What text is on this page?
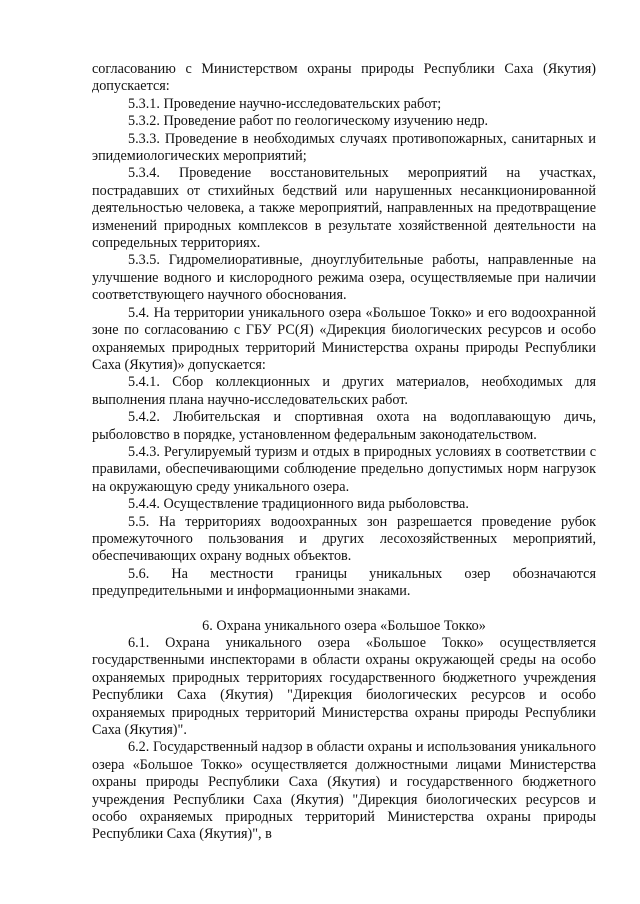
согласованию с Министерством охраны природы Республики Саха (Якутия) допускается:

5.3.1. Проведение научно-исследовательских работ;

5.3.2. Проведение работ по геологическому изучению недр.

5.3.3. Проведение в необходимых случаях противопожарных, санитарных и эпидемиологических мероприятий;

5.3.4. Проведение восстановительных мероприятий на участках, пострадавших от стихийных бедствий или нарушенных несанкционированной деятельностью человека, а также мероприятий, направленных на предотвращение изменений природных комплексов в результате хозяйственной деятельности на сопредельных территориях.

5.3.5. Гидромелиоративные, дноуглубительные работы, направленные на улучшение водного и кислородного режима озера, осуществляемые при наличии соответствующего научного обоснования.

5.4. На территории уникального озера «Большое Токко» и его водоохранной зоне по согласованию с ГБУ РС(Я) «Дирекция биологических ресурсов и особо охраняемых природных территорий Министерства охраны природы Республики Саха (Якутия)» допускается:

5.4.1. Сбор коллекционных и других материалов, необходимых для выполнения плана научно-исследовательских работ.

5.4.2. Любительская и спортивная охота на водоплавающую дичь, рыболовство в порядке, установленном федеральным законодательством.

5.4.3. Регулируемый туризм и отдых в природных условиях в соответствии с правилами, обеспечивающими соблюдение предельно допустимых норм нагрузок на окружающую среду уникального озера.

5.4.4. Осуществление традиционного вида рыболовства.

5.5. На территориях водоохранных зон разрешается проведение рубок промежуточного пользования и других лесохозяйственных мероприятий, обеспечивающих охрану водных объектов.

5.6. На местности границы уникальных озер обозначаются предупредительными и информационными знаками.

6. Охрана уникального озера «Большое Токко»

6.1. Охрана уникального озера «Большое Токко» осуществляется государственными инспекторами в области охраны окружающей среды на особо охраняемых природных территориях государственного бюджетного учреждения Республики Саха (Якутия) "Дирекция биологических ресурсов и особо охраняемых природных территорий Министерства охраны природы Республики Саха (Якутия)".

6.2. Государственный надзор в области охраны и использования уникального озера «Большое Токко» осуществляется должностными лицами Министерства охраны природы Республики Саха (Якутия) и государственного бюджетного учреждения Республики Саха (Якутия) "Дирекция биологических ресурсов и особо охраняемых природных территорий Министерства охраны природы Республики Саха (Якутия)", в
